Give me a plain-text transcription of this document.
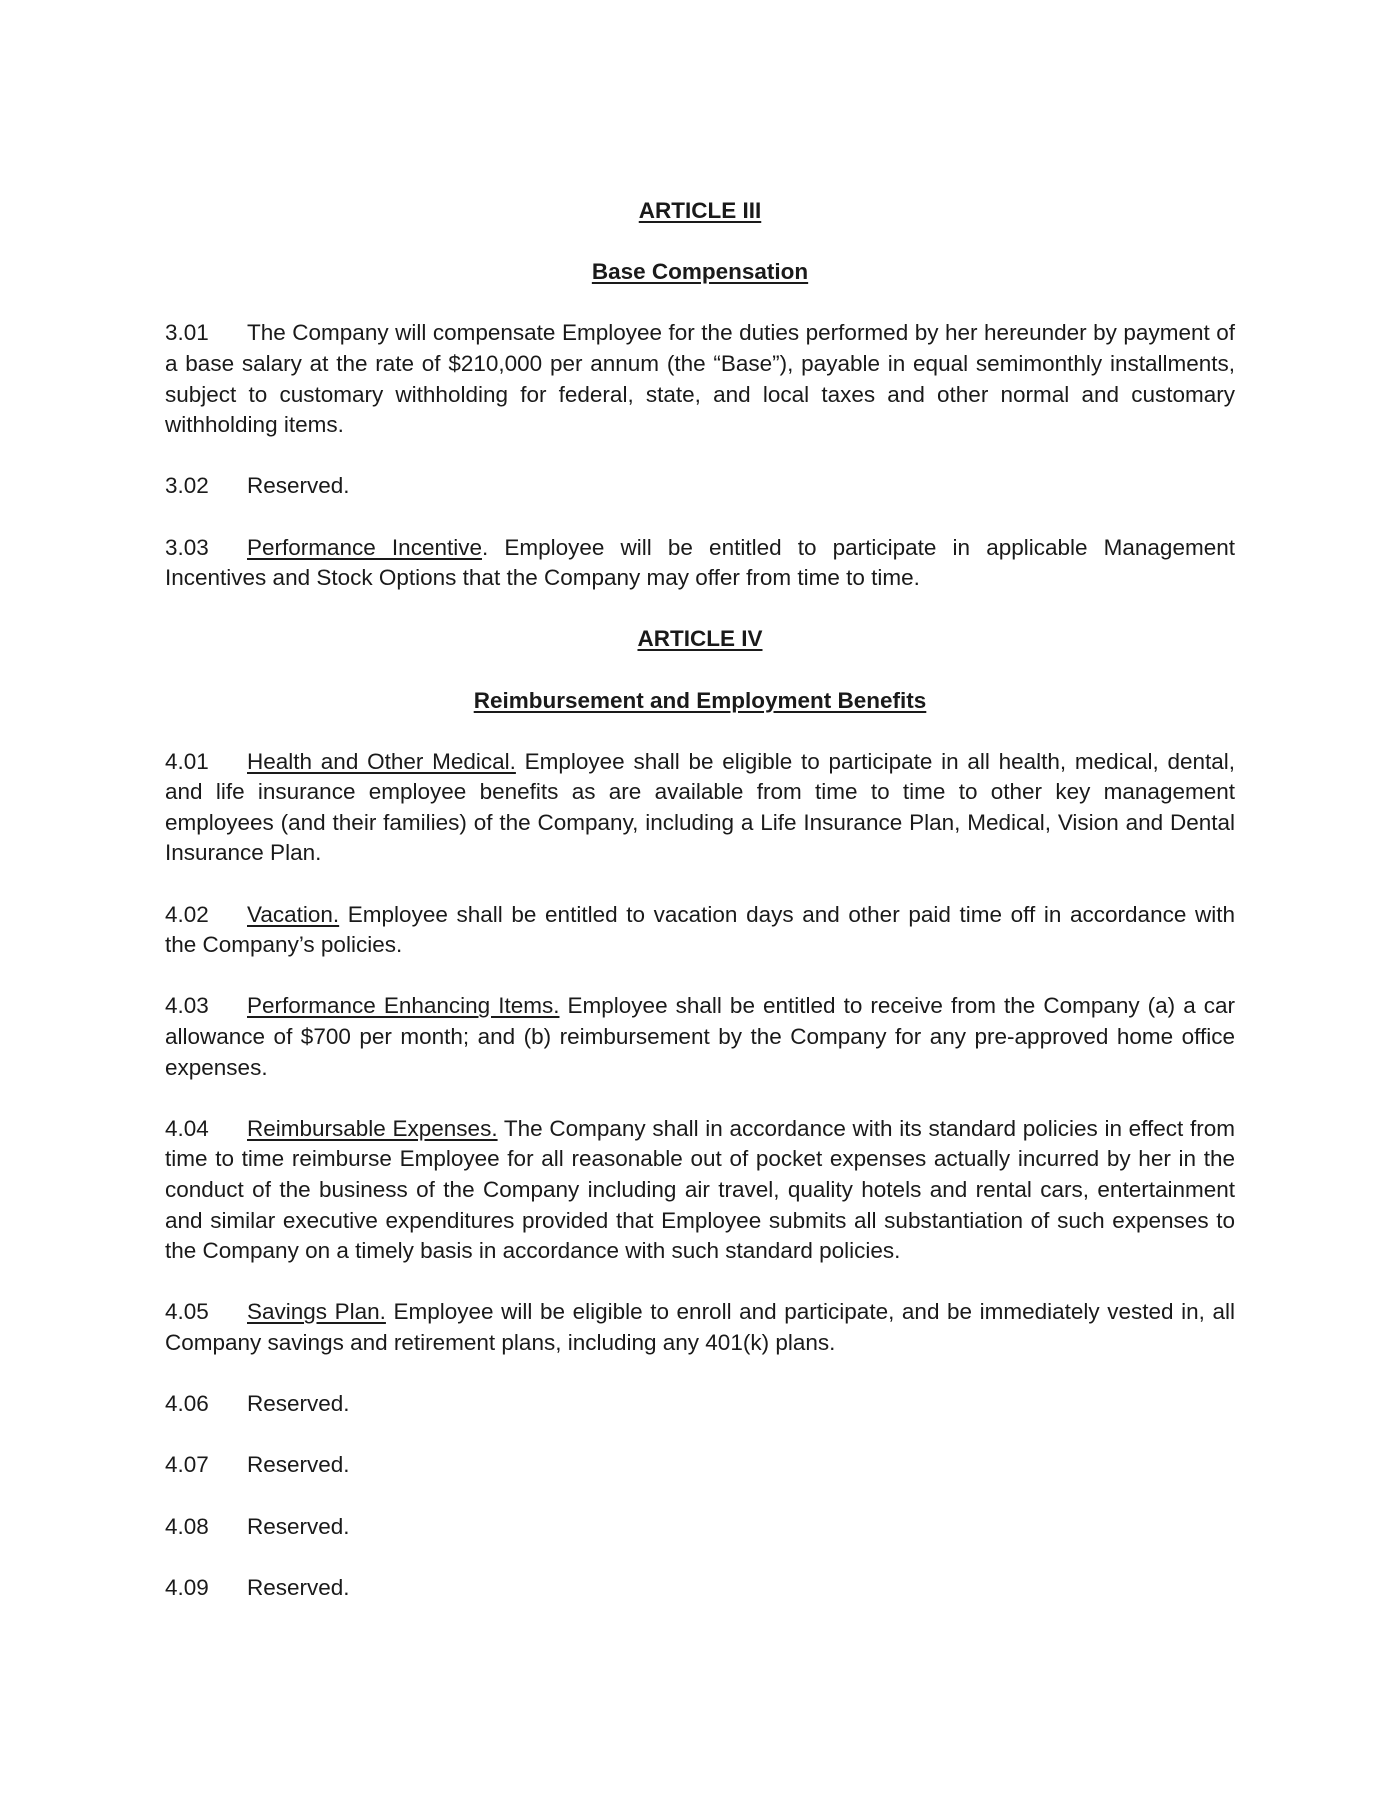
ARTICLE III

Base Compensation

3.01 The Company will compensate Employee for the duties performed by her hereunder by payment of a base salary at the rate of $210,000 per annum (the “Base”), payable in equal semimonthly installments, subject to customary withholding for federal, state, and local taxes and other normal and customary withholding items.

3.02 Reserved.

3.03 Performance Incentive. Employee will be entitled to participate in applicable Management Incentives and Stock Options that the Company may offer from time to time.

ARTICLE IV

Reimbursement and Employment Benefits

4.01 Health and Other Medical. Employee shall be eligible to participate in all health, medical, dental, and life insurance employee benefits as are available from time to time to other key management employees (and their families) of the Company, including a Life Insurance Plan, Medical, Vision and Dental Insurance Plan.

4.02 Vacation. Employee shall be entitled to vacation days and other paid time off in accordance with the Company’s policies.

4.03 Performance Enhancing Items. Employee shall be entitled to receive from the Company (a) a car allowance of $700 per month; and (b) reimbursement by the Company for any pre-approved home office expenses.

4.04 Reimbursable Expenses. The Company shall in accordance with its standard policies in effect from time to time reimburse Employee for all reasonable out of pocket expenses actually incurred by her in the conduct of the business of the Company including air travel, quality hotels and rental cars, entertainment and similar executive expenditures provided that Employee submits all substantiation of such expenses to the Company on a timely basis in accordance with such standard policies.

4.05 Savings Plan. Employee will be eligible to enroll and participate, and be immediately vested in, all Company savings and retirement plans, including any 401(k) plans.

4.06 Reserved.

4.07 Reserved.

4.08 Reserved.

4.09 Reserved.
